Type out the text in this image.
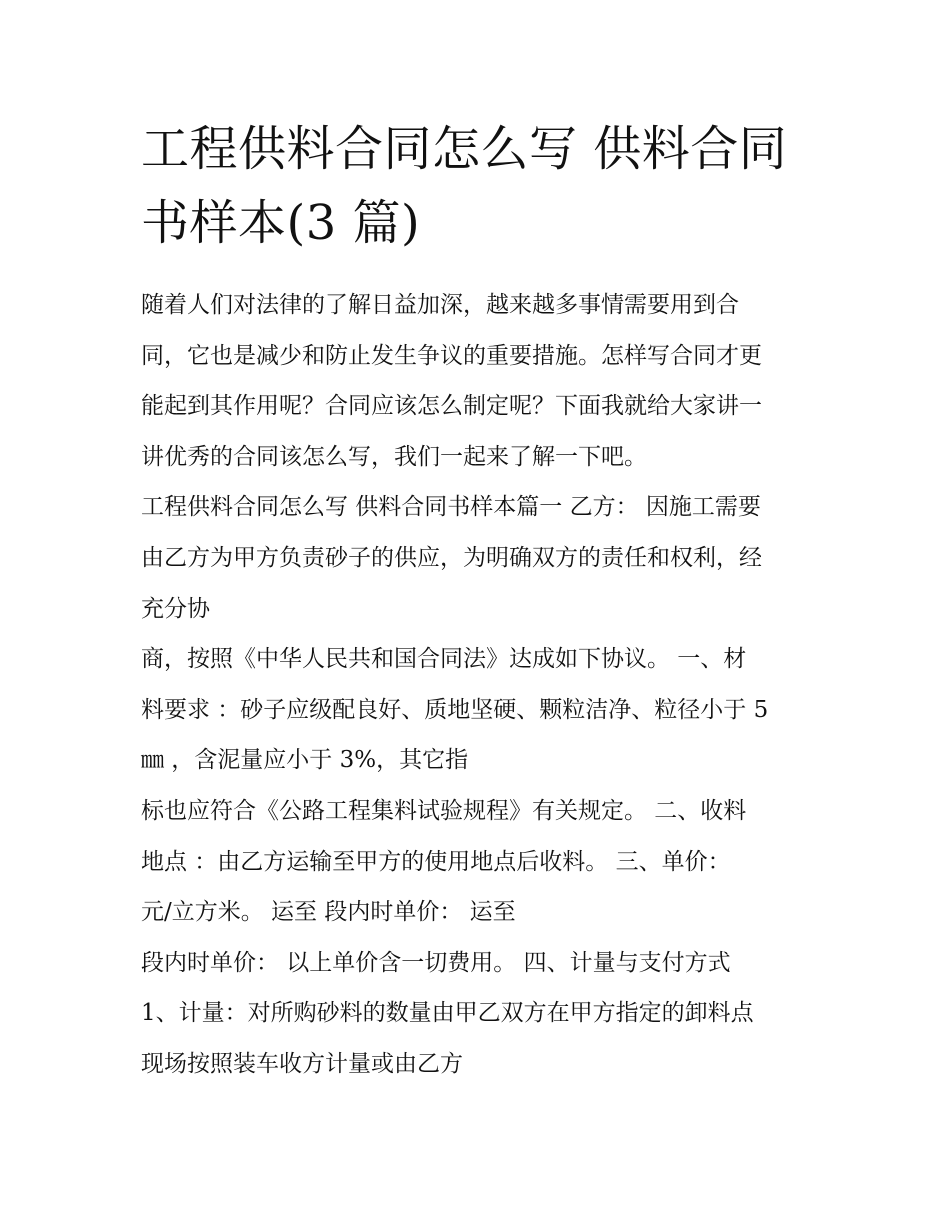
工程供料合同怎么写 供料合同
书样本(3 篇)
随着人们对法律的了解日益加深，越来越多事情需要用到合
同，它也是减少和防止发生争议的重要措施。怎样写合同才更
能起到其作用呢？合同应该怎么制定呢？下面我就给大家讲一
讲优秀的合同该怎么写，我们一起来了解一下吧。
工程供料合同怎么写 供料合同书样本篇一 乙方： 因施工需要
由乙方为甲方负责砂子的供应，为明确双方的责任和权利，经
充分协
商，按照《中华人民共和国合同法》达成如下协议。 一、材
料要求 ：砂子应级配良好、质地坚硬、颗粒洁净、粒径小于 5
㎜ ，含泥量应小于 3%，其它指
标也应符合《公路工程集料试验规程》有关规定。 二、收料
地点 ：由乙方运输至甲方的使用地点后收料。 三、单价：
元/立方米。 运至 段内时单价： 运至
段内时单价： 以上单价含一切费用。 四、计量与支付方式
1、计量：对所购砂料的数量由甲乙双方在甲方指定的卸料点
现场按照装车收方计量或由乙方
